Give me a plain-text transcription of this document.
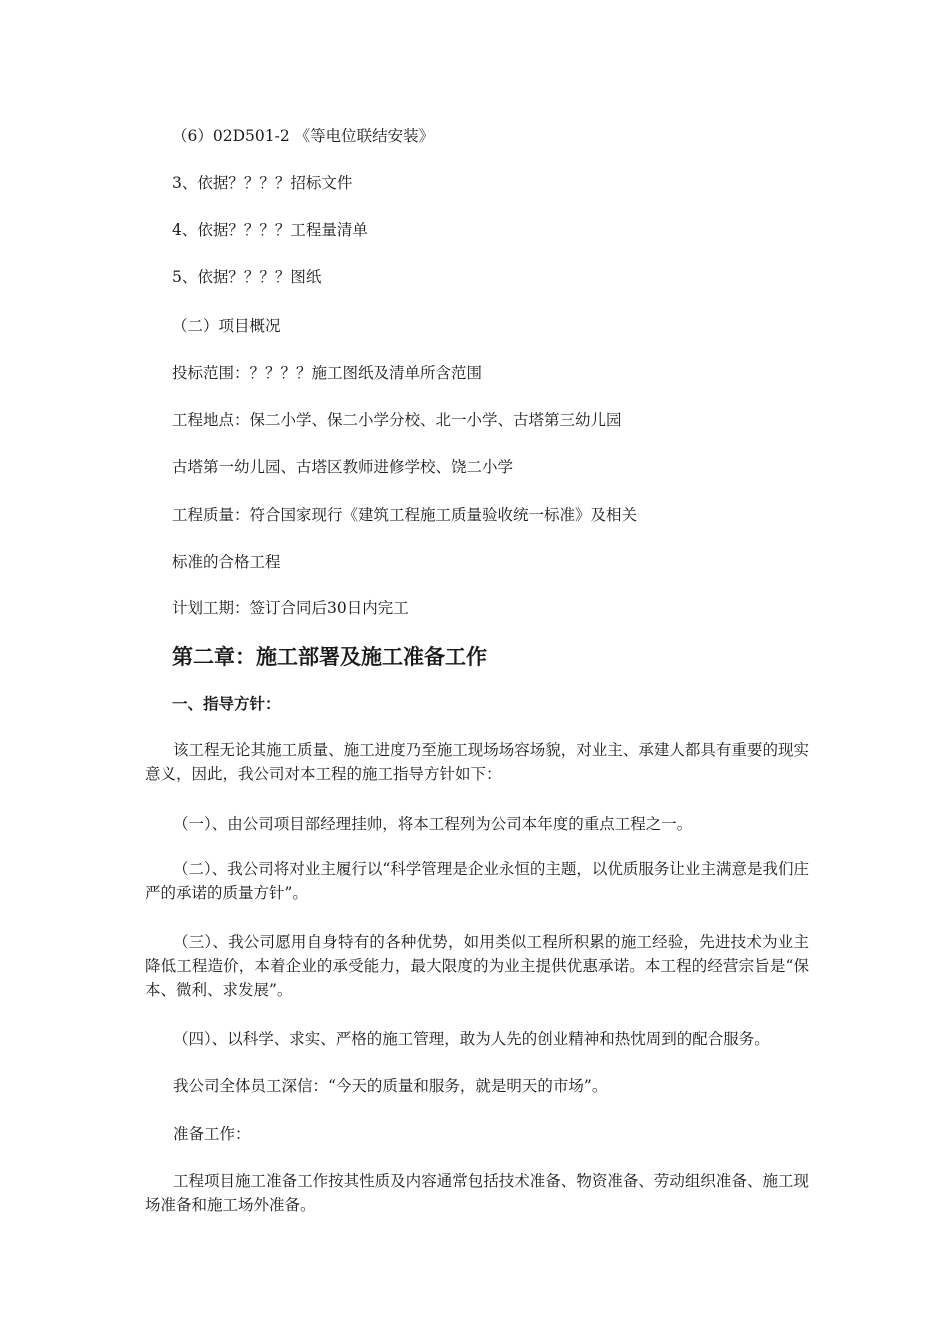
（6）02D501-2 《等电位联结安装》
3、依据？？？？招标文件
4、依据？？？？工程量清单
5、依据？？？？图纸
（二）项目概况
投标范围：？？？？施工图纸及清单所含范围
工程地点：保二小学、保二小学分校、北一小学、古塔第三幼儿园
古塔第一幼儿园、古塔区教师进修学校、饶二小学
工程质量：符合国家现行《建筑工程施工质量验收统一标准》及相关
标准的合格工程
计划工期：签订合同后30日内完工
第二章：施工部署及施工准备工作
一、指导方针：
该工程无论其施工质量、施工进度乃至施工现场场容场貌，对业主、承建人都具有重要的现实意义，因此，我公司对本工程的施工指导方针如下：
（一）、由公司项目部经理挂帅，将本工程列为公司本年度的重点工程之一。
（二）、我公司将对业主履行以“科学管理是企业永恒的主题，以优质服务让业主满意是我们庄严的承诺的质量方针”。
（三）、我公司愿用自身特有的各种优势，如用类似工程所积累的施工经验，先进技术为业主降低工程造价，本着企业的承受能力，最大限度的为业主提供优惠承诺。本工程的经营宗旨是“保本、微利、求发展”。
（四）、以科学、求实、严格的施工管理，敢为人先的创业精神和热忱周到的配合服务。
我公司全体员工深信：“今天的质量和服务，就是明天的市场”。
准备工作：
工程项目施工准备工作按其性质及内容通常包括技术准备、物资准备、劳动组织准备、施工现场准备和施工场外准备。
